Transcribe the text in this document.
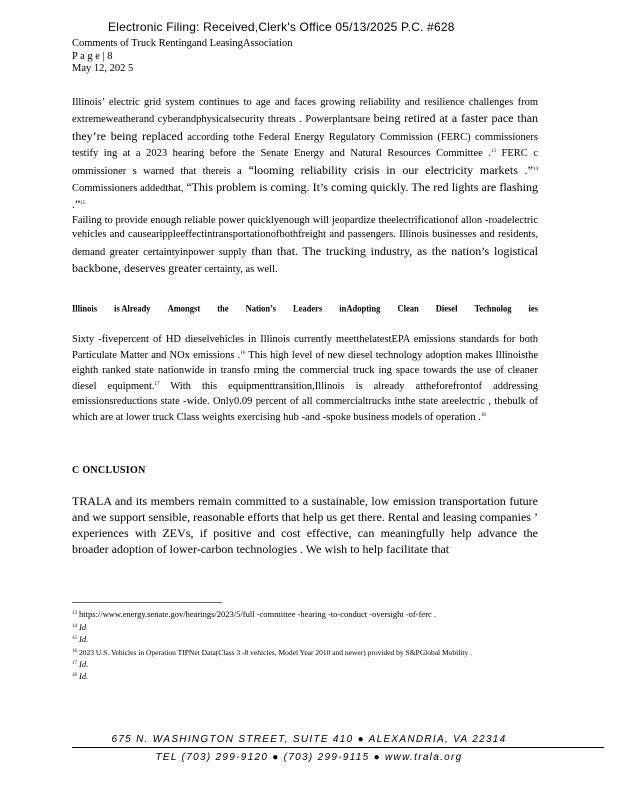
Electronic Filing: Received,Clerk's Office 05/13/2025 P.C. #628
Comments of Truck Rentingand LeasingAssociation
P a g e | 8
May 12, 202 5
Illinois’ electric grid system continues to age and faces growing reliability and resilience challenges from extremeweatherand cyberandphysicalsecurity threats . Powerplantsare being retired at a faster pace than they’re being replaced according tothe Federal Energy Regulatory Commission (FERC) commissioners testify ing at a 2023 hearing before the Senate Energy and Natural Resources Committee .$^{13}$ FERC c ommissioner s warned that thereis a “looming reliability crisis in our electricity markets .”$^{14}$ Commissioners addedthat, “This problem is coming. It’s coming quickly. The red lights are flashing .”$^{15}$
Failing to provide enough reliable power quicklyenough will jeopardize theelectrificationof allon -roadelectric vehicles and causearippleeffectintransportationofbothfreight and passengers. Illinois businesses and residents, demand greater certaintyinpower supply than that. The trucking industry, as the nation’s logistical backbone, deserves greater certainty, as well.
Illinois is Already Amongst the Nation’s Leaders inAdopting Clean Diesel Technolog ies
Sixty -fivepercent of HD dieselvehicles in Illinois currently meetthelatestEPA emissions standards for both Particulate Matter and NOx emissions .$^{16}$ This high level of new diesel technology adoption makes Illinoisthe eighth ranked state nationwide in transfo rming the commercial truck ing space towards the use of cleaner diesel equipment.$^{17}$ With this equipmenttransition,Illinois is already attheforefrontof addressing emissionsreductions state -wide. Only0.09 percent of all commercialtrucks inthe state areelectric , thebulk of which are at lower truck Class weights exercising hub -and -spoke business models of operation .$^{18}$
C ONCLUSION
TRALA and its members remain committed to a sustainable, low emission transportation future and we support sensible, reasonable efforts that help us get there. Rental and leasing companies ’ experiences with ZEVs, if positive and cost effective, can meaningfully help advance the broader adoption of lower-carbon technologies . We wish to help facilitate that

$^{13}$ https://www.energy.senate.gov/hearings/2023/5/full -committee -hearing -to-conduct -oversight -of-ferc .

$^{14}$ Id

$^{15}$ Id.

$^{16}$ 2023 U.S. Vehicles in Operation TIPNet Data(Class 3 -8 vehicles, Model Year 2010 and newer) provided by S&PGlobal Mobility .

$^{17}$ Id.

$^{18}$ Id.

675 N. WASHINGTON STREET, SUITE 410 ● ALEXANDRIA, VA 22314
TEL (703) 299-9120 ● (703) 299-9115 ● www.trala.org
